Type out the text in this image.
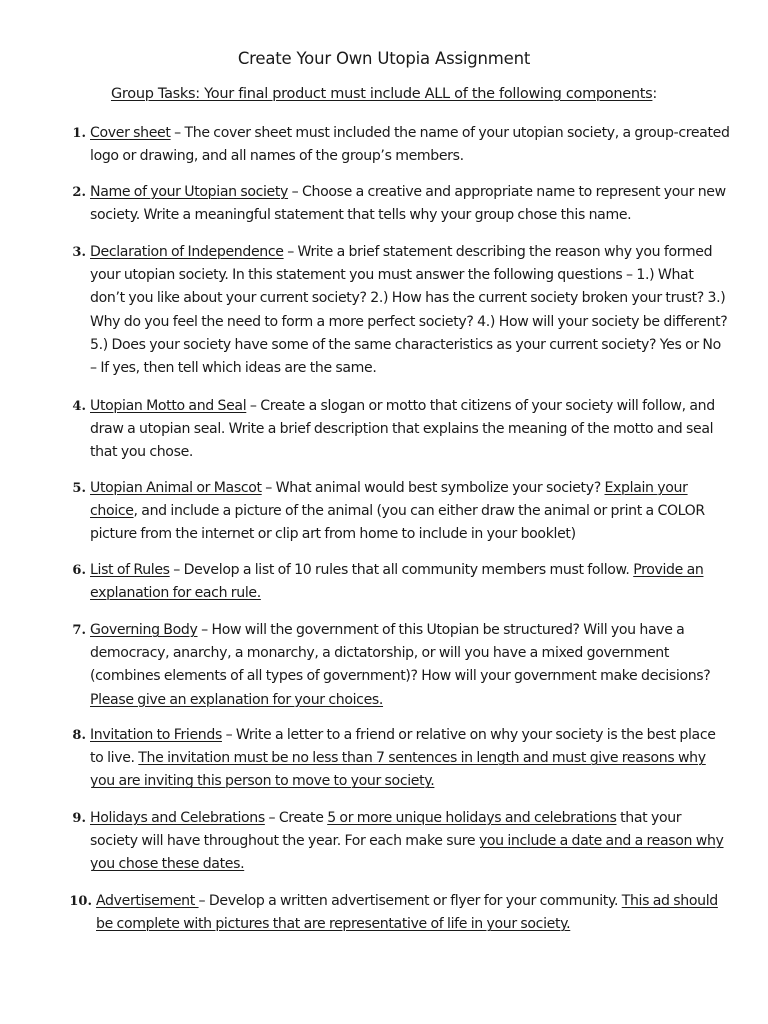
Create Your Own Utopia Assignment
Group Tasks: Your final product must include ALL of the following components:
1. Cover sheet – The cover sheet must included the name of your utopian society, a group-created logo or drawing, and all names of the group’s members.
2. Name of your Utopian society – Choose a creative and appropriate name to represent your new society. Write a meaningful statement that tells why your group chose this name.
3. Declaration of Independence – Write a brief statement describing the reason why you formed your utopian society. In this statement you must answer the following questions – 1.) What don’t you like about your current society? 2.) How has the current society broken your trust? 3.) Why do you feel the need to form a more perfect society? 4.) How will your society be different? 5.) Does your society have some of the same characteristics as your current society? Yes or No – If yes, then tell which ideas are the same.
4. Utopian Motto and Seal – Create a slogan or motto that citizens of your society will follow, and draw a utopian seal. Write a brief description that explains the meaning of the motto and seal that you chose.
5. Utopian Animal or Mascot – What animal would best symbolize your society? Explain your choice, and include a picture of the animal (you can either draw the animal or print a COLOR picture from the internet or clip art from home to include in your booklet)
6. List of Rules – Develop a list of 10 rules that all community members must follow. Provide an explanation for each rule.
7. Governing Body – How will the government of this Utopian be structured? Will you have a democracy, anarchy, a monarchy, a dictatorship, or will you have a mixed government (combines elements of all types of government)? How will your government make decisions? Please give an explanation for your choices.
8. Invitation to Friends – Write a letter to a friend or relative on why your society is the best place to live. The invitation must be no less than 7 sentences in length and must give reasons why you are inviting this person to move to your society.
9. Holidays and Celebrations – Create 5 or more unique holidays and celebrations that your society will have throughout the year. For each make sure you include a date and a reason why you chose these dates.
10. Advertisement – Develop a written advertisement or flyer for your community. This ad should be complete with pictures that are representative of life in your society.
